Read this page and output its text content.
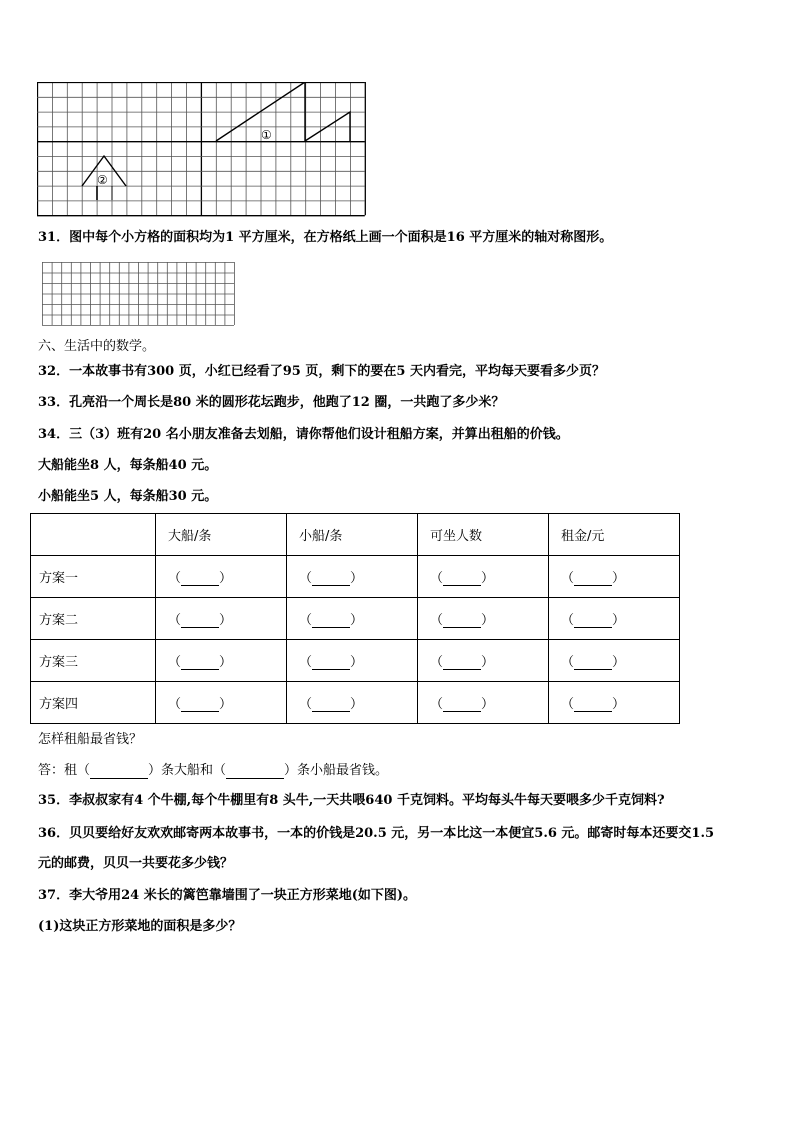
①
②
31．图中每个小方格的面积均为1 平方厘米，在方格纸上画一个面积是16 平方厘米的轴对称图形。
六、生活中的数学。
32．一本故事书有300 页，小红已经看了95 页，剩下的要在5 天内看完，平均每天要看多少页？
33．孔亮沿一个周长是80 米的圆形花坛跑步，他跑了12 圈，一共跑了多少米？
34．三（3）班有20 名小朋友准备去划船，请你帮他们设计租船方案，并算出租船的价钱。
大船能坐8 人，每条船40 元。
小船能坐5 人，每条船30 元。
	大船/条	小船/条	可坐人数	租金/元
方案一	（ ）	（ ）	（ ）	（ ）
方案二	（ ）	（ ）	（ ）	（ ）
方案三	（ ）	（ ）	（ ）	（ ）
方案四	（ ）	（ ）	（ ）	（ ）
怎样租船最省钱？
答：租（	）条大船和（	）条小船最省钱。
35．李叔叔家有4 个牛棚,每个牛棚里有8 头牛,一天共喂640 千克饲料。平均每头牛每天要喂多少千克饲料?
36．贝贝要给好友欢欢邮寄两本故事书，一本的价钱是20.5 元，另一本比这一本便宜5.6 元。邮寄时每本还要交1.5
元的邮费，贝贝一共要花多少钱？
37．李大爷用24 米长的篱笆靠墙围了一块正方形菜地(如下图)。
(1)这块正方形菜地的面积是多少？
